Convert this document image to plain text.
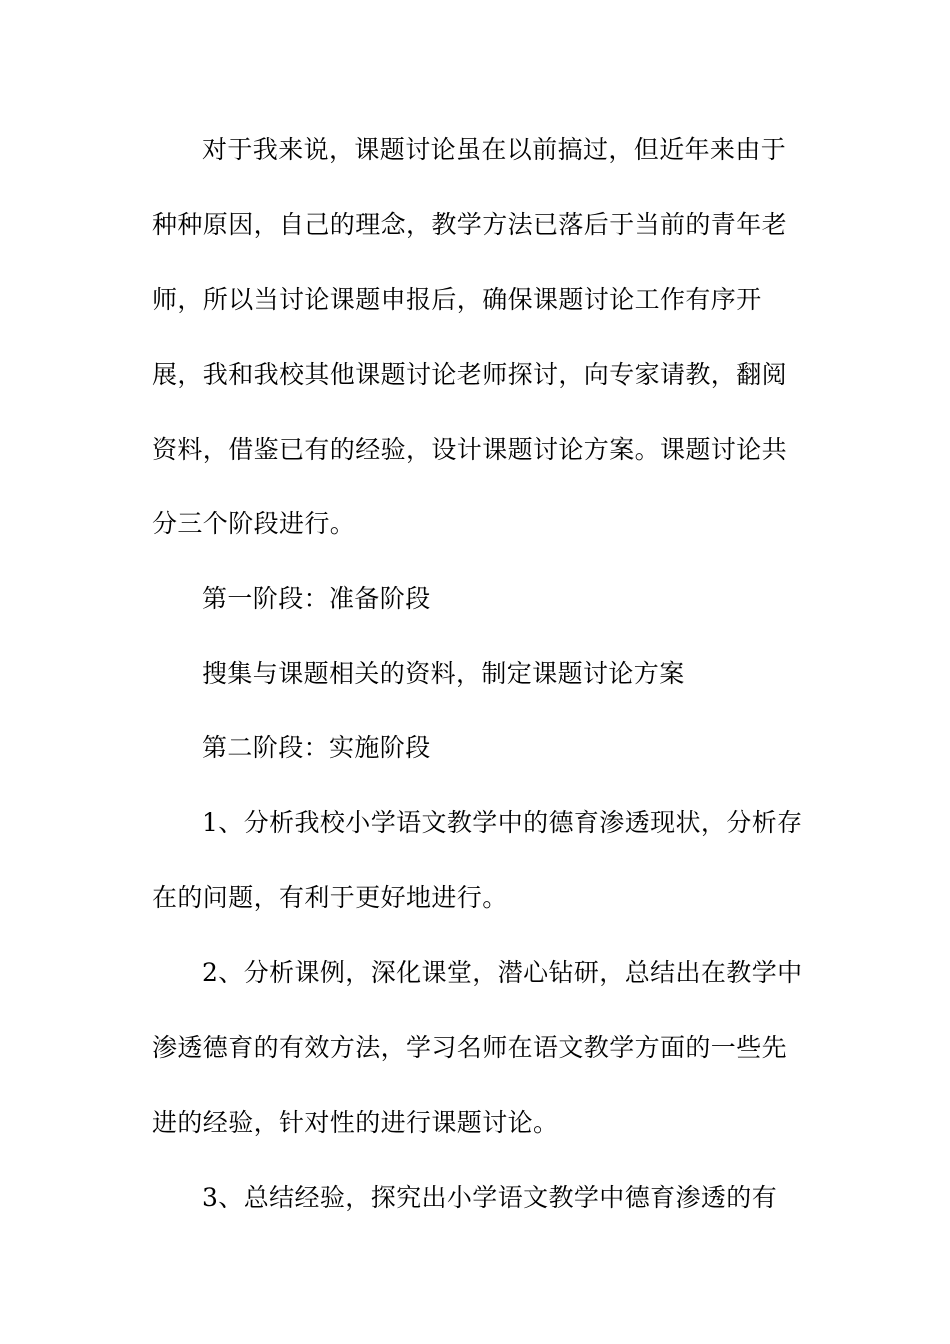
对于我来说，课题讨论虽在以前搞过，但近年来由于
种种原因，自己的理念，教学方法已落后于当前的青年老
师，所以当讨论课题申报后，确保课题讨论工作有序开
展，我和我校其他课题讨论老师探讨，向专家请教，翻阅
资料，借鉴已有的经验，设计课题讨论方案。课题讨论共
分三个阶段进行。
第一阶段：准备阶段
搜集与课题相关的资料，制定课题讨论方案
第二阶段：实施阶段
1、分析我校小学语文教学中的德育渗透现状，分析存
在的问题，有利于更好地进行。
2、分析课例，深化课堂，潜心钻研，总结出在教学中
渗透德育的有效方法，学习名师在语文教学方面的一些先
进的经验，针对性的进行课题讨论。
3、总结经验，探究出小学语文教学中德育渗透的有
